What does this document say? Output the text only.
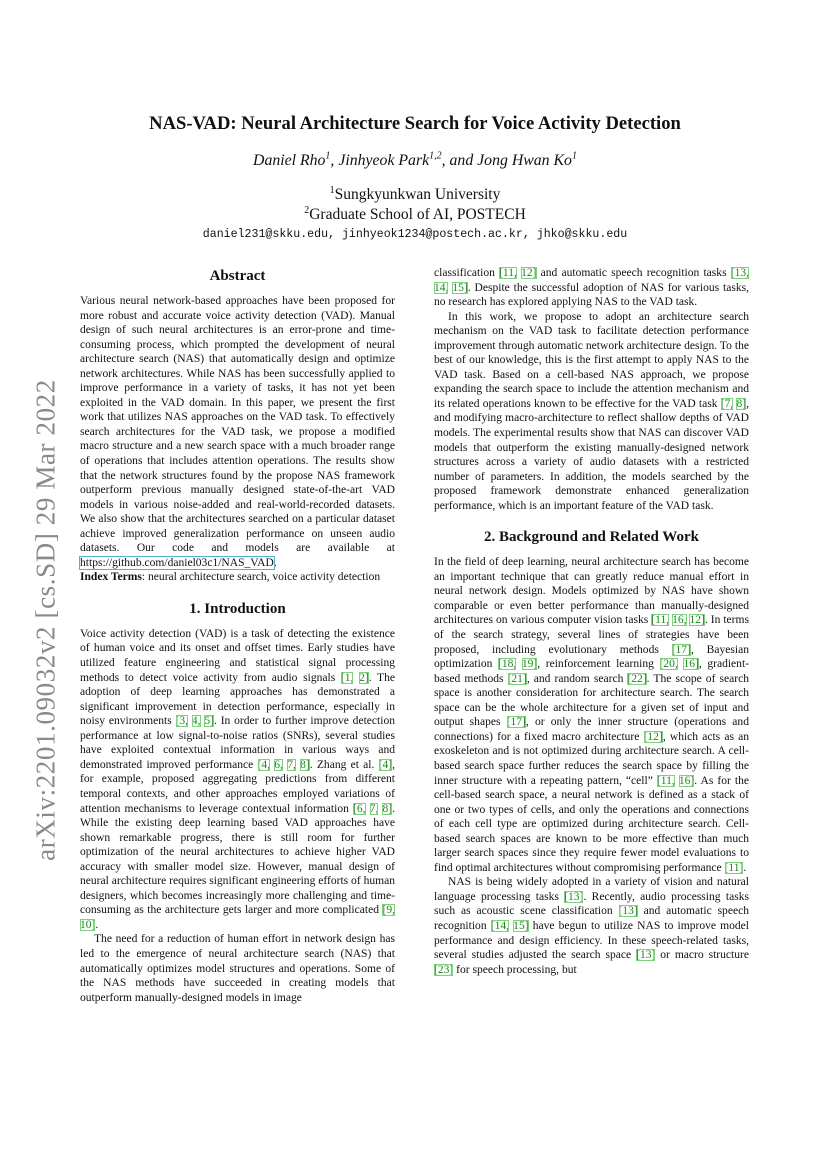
arXiv:2201.09032v2 [cs.SD] 29 Mar 2022
NAS-VAD: Neural Architecture Search for Voice Activity Detection
Daniel Rho$^1$, Jinhyeok Park$^{1,2}$, and Jong Hwan Ko$^1$
$^1$Sungkyunkwan University
$^2$Graduate School of AI, POSTECH
daniel231@skku.edu, jinhyeok1234@postech.ac.kr, jhko@skku.edu
Abstract

Various neural network-based approaches have been proposed for more robust and accurate voice activity detection (VAD). Manual design of such neural architectures is an error-prone and time-consuming process, which prompted the development of neural architecture search (NAS) that automatically design and optimize network architectures. While NAS has been successfully applied to improve performance in a variety of tasks, it has not yet been exploited in the VAD domain. In this paper, we present the first work that utilizes NAS approaches on the VAD task. To effectively search architectures for the VAD task, we propose a modified macro structure and a new search space with a much broader range of operations that includes attention operations. The results show that the network structures found by the propose NAS framework outperform previous manually designed state-of-the-art VAD models in various noise-added and real-world-recorded datasets. We also show that the architectures searched on a particular dataset achieve improved generalization performance on unseen audio datasets. Our code and models are available at https://github.com/daniel03c1/NAS_VAD.

Index Terms: neural architecture search, voice activity detection

1. Introduction

Voice activity detection (VAD) is a task of detecting the existence of human voice and its onset and offset times. Early studies have utilized feature engineering and statistical signal processing methods to detect voice activity from audio signals [1, 2]. The adoption of deep learning approaches has demonstrated a significant improvement in detection performance, especially in noisy environments [3, 4, 5]. In order to further improve detection performance at low signal-to-noise ratios (SNRs), several studies have exploited contextual information in various ways and demonstrated improved performance [4, 6, 7, 8]. Zhang et al. [4], for example, proposed aggregating predictions from different temporal contexts, and other approaches employed variations of attention mechanisms to leverage contextual information [6, 7, 8]. While the existing deep learning based VAD approaches have shown remarkable progress, there is still room for further optimization of the neural architectures to achieve higher VAD accuracy with smaller model size. However, manual design of neural architecture requires significant engineering efforts of human designers, which becomes increasingly more challenging and time-consuming as the architecture gets larger and more complicated [9, 10].

The need for a reduction of human effort in network design has led to the emergence of neural architecture search (NAS) that automatically optimizes model structures and operations. Some of the NAS methods have succeeded in creating models that outperform manually-designed models in image

classification [11, 12] and automatic speech recognition tasks [13, 14, 15]. Despite the successful adoption of NAS for various tasks, no research has explored applying NAS to the VAD task.

In this work, we propose to adopt an architecture search mechanism on the VAD task to facilitate detection performance improvement through automatic network architecture design. To the best of our knowledge, this is the first attempt to apply NAS to the VAD task. Based on a cell-based NAS approach, we propose expanding the search space to include the attention mechanism and its related operations known to be effective for the VAD task [7, 8], and modifying macro-architecture to reflect shallow depths of VAD models. The experimental results show that NAS can discover VAD models that outperform the existing manually-designed network structures across a variety of audio datasets with a restricted number of parameters. In addition, the models searched by the proposed framework demonstrate enhanced generalization performance, which is an important feature of the VAD task.

2. Background and Related Work

In the field of deep learning, neural architecture search has become an important technique that can greatly reduce manual effort in neural network design. Models optimized by NAS have shown comparable or even better performance than manually-designed architectures on various computer vision tasks [11, 16, 12]. In terms of the search strategy, several lines of strategies have been proposed, including evolutionary methods [17], Bayesian optimization [18, 19], reinforcement learning [20, 16], gradient-based methods [21], and random search [22]. The scope of search space is another consideration for architecture search. The search space can be the whole architecture for a given set of input and output shapes [17], or only the inner structure (operations and connections) for a fixed macro architecture [12], which acts as an exoskeleton and is not optimized during architecture search. A cell-based search space further reduces the search space by filling the inner structure with a repeating pattern, “cell” [11, 16]. As for the cell-based search space, a neural network is defined as a stack of one or two types of cells, and only the operations and connections of each cell type are optimized during architecture search. Cell-based search spaces are known to be more effective than much larger search spaces since they require fewer model evaluations to find optimal architectures without compromising performance [11].

NAS is being widely adopted in a variety of vision and natural language processing tasks [13]. Recently, audio processing tasks such as acoustic scene classification [13] and automatic speech recognition [14, 15] have begun to utilize NAS to improve model performance and design efficiency. In these speech-related tasks, several studies adjusted the search space [13] or macro structure [23] for speech processing, but
